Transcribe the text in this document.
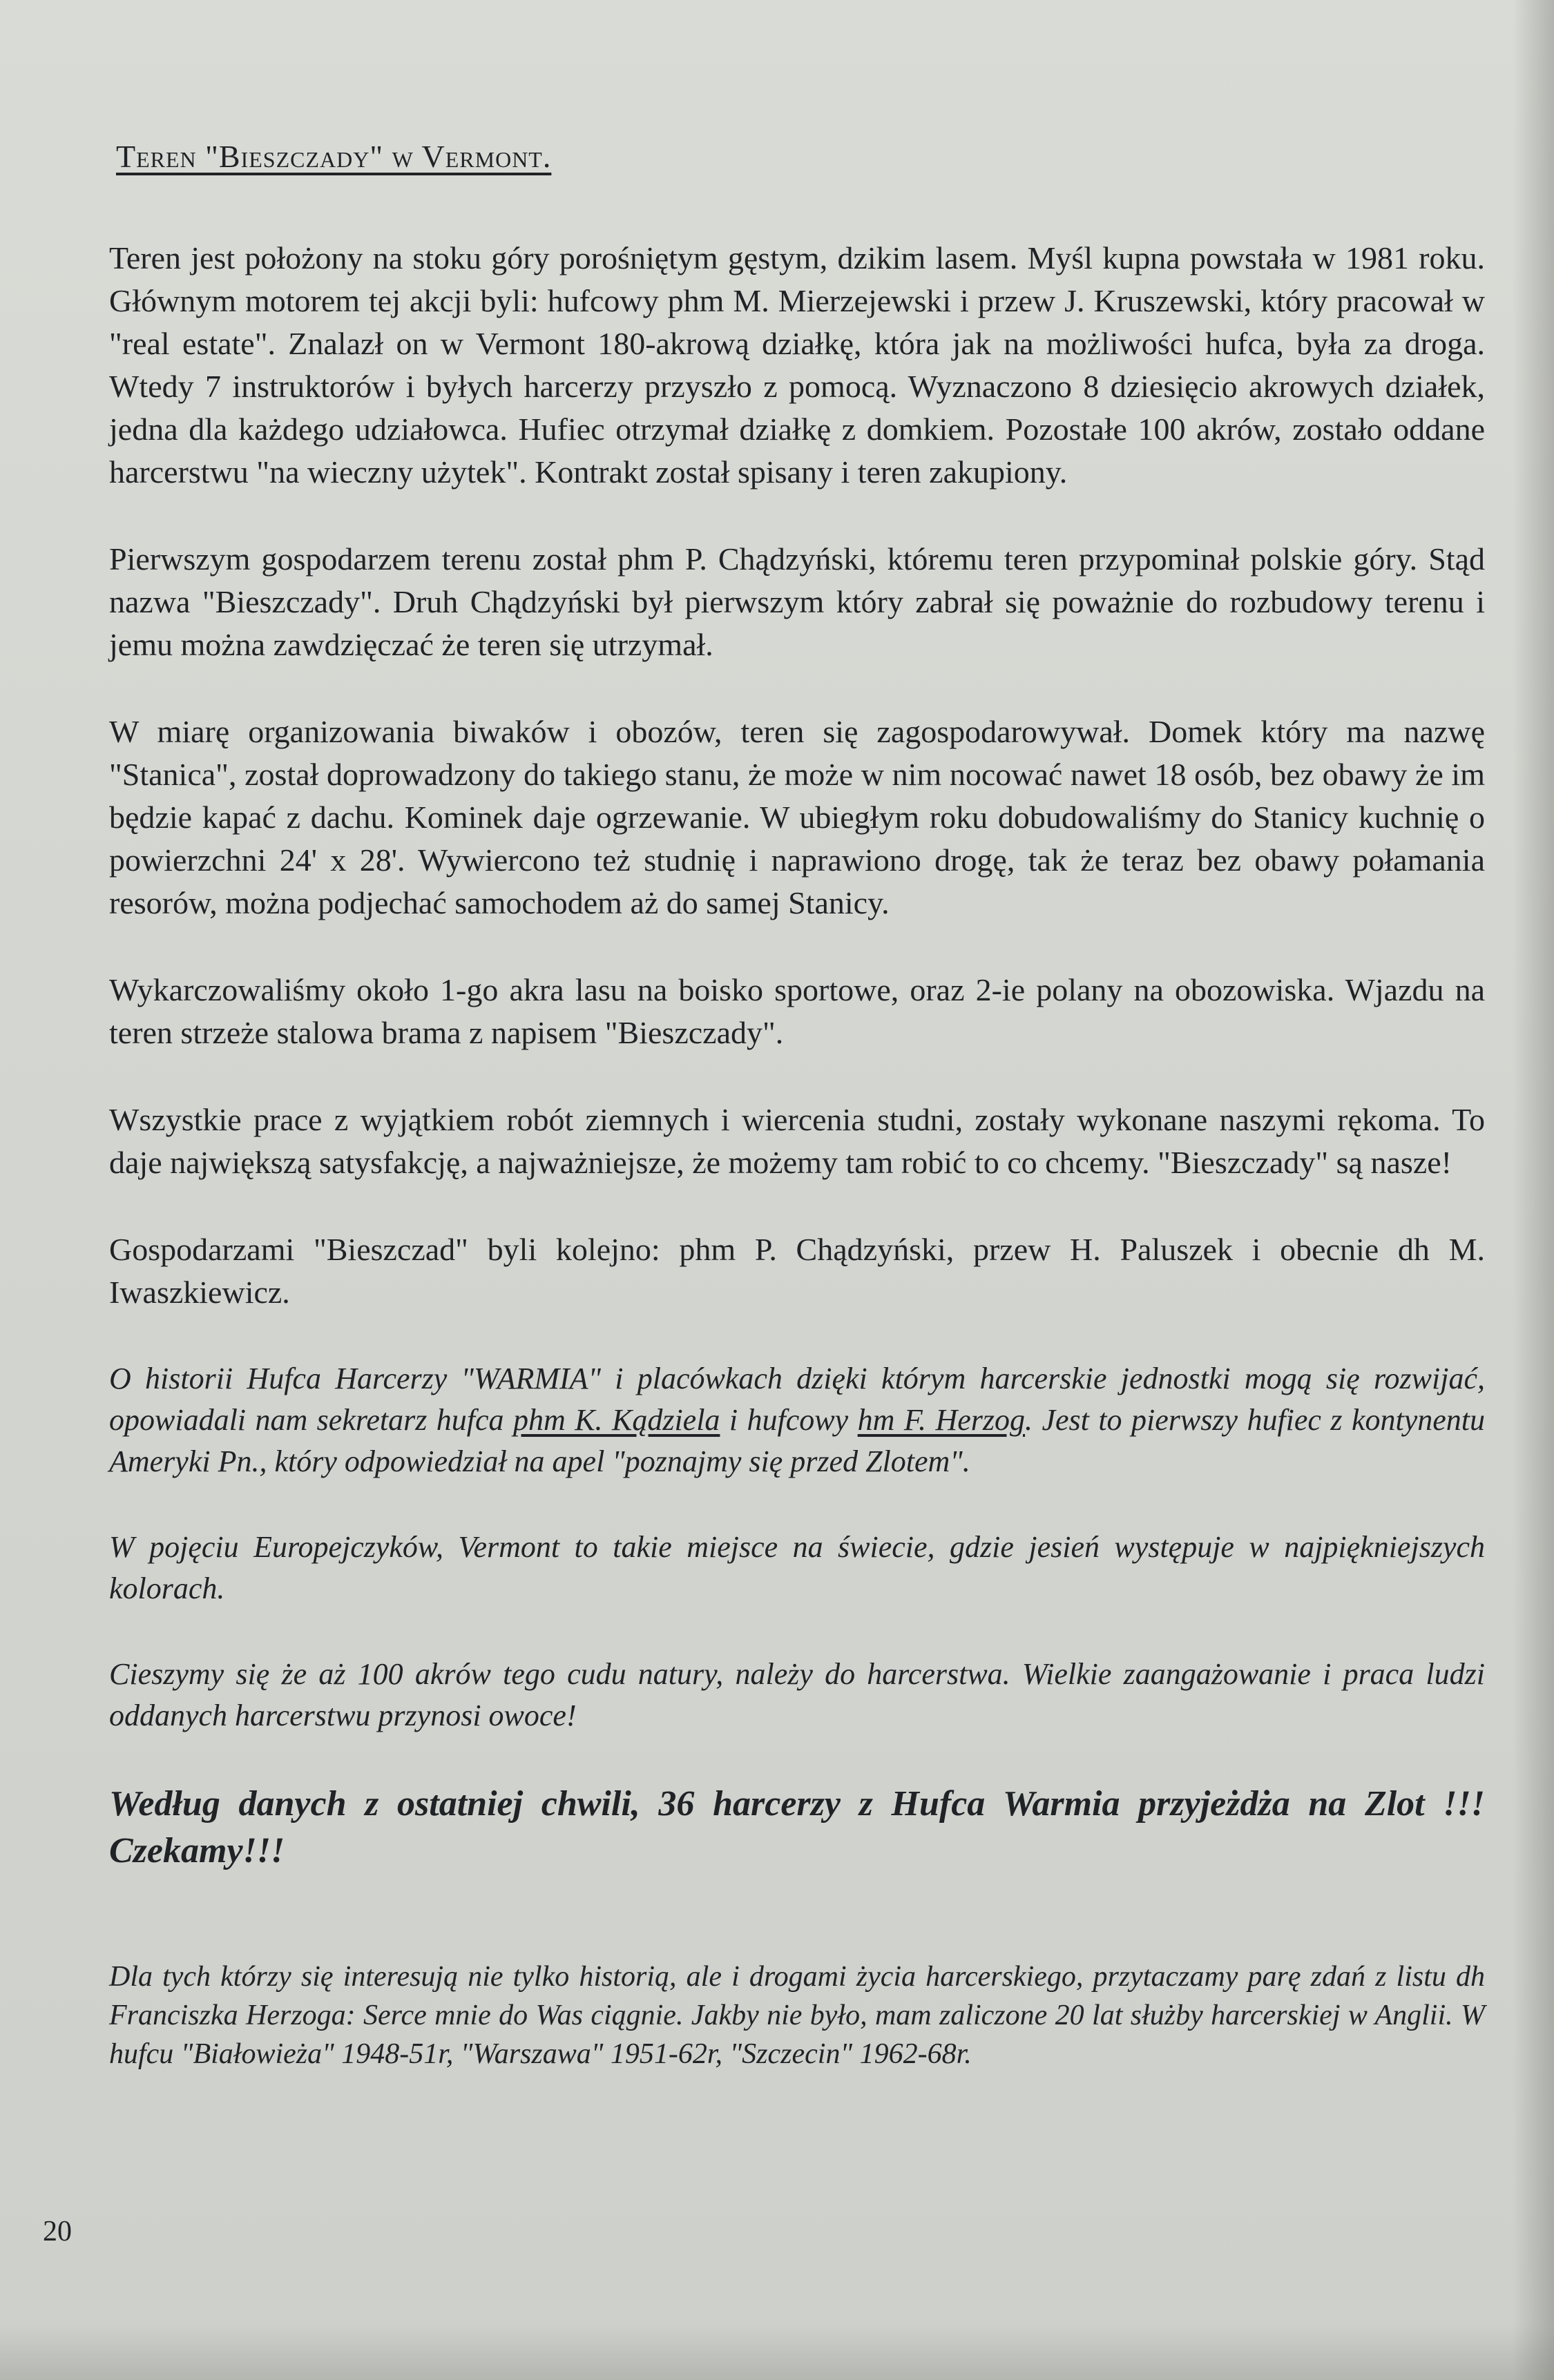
Teren "Bieszczady" w Vermont.

Teren jest położony na stoku góry porośniętym gęstym, dzikim lasem. Myśl kupna powstała w 1981 roku. Głównym motorem tej akcji byli: hufcowy phm M. Mierzejewski i przew J. Kruszewski, który pracował w "real estate". Znalazł on w Vermont 180-akrową działkę, która jak na możliwości hufca, była za droga. Wtedy 7 instruktorów i byłych harcerzy przyszło z pomocą. Wyznaczono 8 dziesięcio akrowych działek, jedna dla każdego udziałowca. Hufiec otrzymał działkę z domkiem. Pozostałe 100 akrów, zostało oddane harcerstwu "na wieczny użytek". Kontrakt został spisany i teren zakupiony.

Pierwszym gospodarzem terenu został phm P. Chądzyński, któremu teren przypominał polskie góry. Stąd nazwa "Bieszczady". Druh Chądzyński był pierwszym który zabrał się poważnie do rozbudowy terenu i jemu można zawdzięczać że teren się utrzymał.

W miarę organizowania biwaków i obozów, teren się zagospodarowywał. Domek który ma nazwę "Stanica", został doprowadzony do takiego stanu, że może w nim nocować nawet 18 osób, bez obawy że im będzie kapać z dachu. Kominek daje ogrzewanie. W ubiegłym roku dobudowaliśmy do Stanicy kuchnię o powierzchni 24' x 28'. Wywiercono też studnię i naprawiono drogę, tak że teraz bez obawy połamania resorów, można podjechać samochodem aż do samej Stanicy.

Wykarczowaliśmy około 1-go akra lasu na boisko sportowe, oraz 2-ie polany na obozowiska. Wjazdu na teren strzeże stalowa brama z napisem "Bieszczady".

Wszystkie prace z wyjątkiem robót ziemnych i wiercenia studni, zostały wykonane naszymi rękoma. To daje największą satysfakcję, a najważniejsze, że możemy tam robić to co chcemy. "Bieszczady" są nasze!

Gospodarzami "Bieszczad" byli kolejno: phm P. Chądzyński, przew H. Paluszek i obecnie dh M. Iwaszkiewicz.

O historii Hufca Harcerzy "WARMIA" i placówkach dzięki którym harcerskie jednostki mogą się rozwijać, opowiadali nam sekretarz hufca phm K. Kądziela i hufcowy hm F. Herzog. Jest to pierwszy hufiec z kontynentu Ameryki Pn., który odpowiedział na apel "poznajmy się przed Zlotem".

W pojęciu Europejczyków, Vermont to takie miejsce na świecie, gdzie jesień występuje w najpiękniejszych kolorach.

Cieszymy się że aż 100 akrów tego cudu natury, należy do harcerstwa. Wielkie zaangażowanie i praca ludzi oddanych harcerstwu przynosi owoce!

Według danych z ostatniej chwili, 36 harcerzy z Hufca Warmia przyjeżdża na Zlot !!! Czekamy!!!

Dla tych którzy się interesują nie tylko historią, ale i drogami życia harcerskiego, przytaczamy parę zdań z listu dh Franciszka Herzoga: Serce mnie do Was ciągnie. Jakby nie było, mam zaliczone 20 lat służby harcerskiej w Anglii. W hufcu "Białowieża" 1948-51r, "Warszawa" 1951-62r, "Szczecin" 1962-68r.

20
